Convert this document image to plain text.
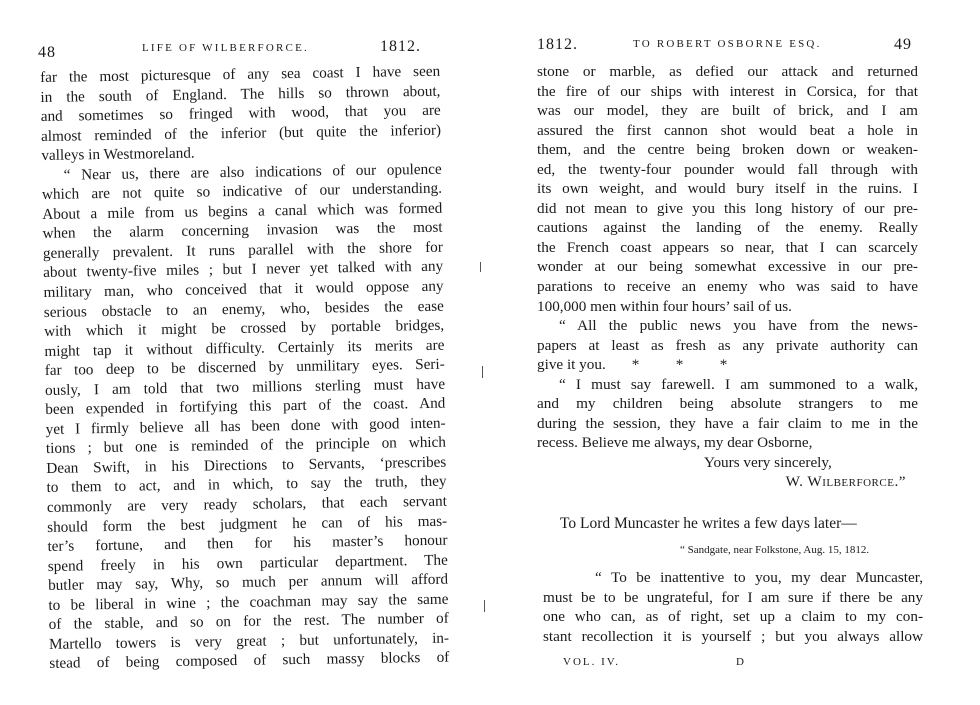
48	LIFE OF WILBERFORCE.	1812.
far the most picturesque of any sea coast I have seen
in the south of England. The hills so thrown about,
and sometimes so fringed with wood, that you are
almost reminded of the inferior (but quite the inferior)
valleys in Westmoreland.
“ Near us, there are also indications of our opulence
which are not quite so indicative of our understanding.
About a mile from us begins a canal which was formed
when the alarm concerning invasion was the most
generally prevalent. It runs parallel with the shore for
about twenty-five miles ; but I never yet talked with any
military man, who conceived that it would oppose any
serious obstacle to an enemy, who, besides the ease
with which it might be crossed by portable bridges,
might tap it without difficulty. Certainly its merits are
far too deep to be discerned by unmilitary eyes. Seri-
ously, I am told that two millions sterling must have
been expended in fortifying this part of the coast. And
yet I firmly believe all has been done with good inten-
tions ; but one is reminded of the principle on which
Dean Swift, in his Directions to Servants, ‘prescribes
to them to act, and in which, to say the truth, they
commonly are very ready scholars, that each servant
should form the best judgment he can of his mas-
ter’s fortune, and then for his master’s honour
spend freely in his own particular department. The
butler may say, Why, so much per annum will afford
to be liberal in wine ; the coachman may say the same
of the stable, and so on for the rest. The number of
Martello towers is very great ; but unfortunately, in-
stead of being composed of such massy blocks of
1812.	TO ROBERT OSBORNE ESQ.	49
stone or marble, as defied our attack and returned
the fire of our ships with interest in Corsica, for that
was our model, they are built of brick, and I am
assured the first cannon shot would beat a hole in
them, and the centre being broken down or weaken-
ed, the twenty-four pounder would fall through with
its own weight, and would bury itself in the ruins. I
did not mean to give you this long history of our pre-
cautions against the landing of the enemy. Really
the French coast appears so near, that I can scarcely
wonder at our being somewhat excessive in our pre-
parations to receive an enemy who was said to have
100,000 men within four hours’ sail of us.
“ All the public news you have from the news-
papers at least as fresh as any private authority can
give it you. * * *
“ I must say farewell. I am summoned to a walk,
and my children being absolute strangers to me
during the session, they have a fair claim to me in the
recess. Believe me always, my dear Osborne,
Yours very sincerely,
W. Wilberforce.”
To Lord Muncaster he writes a few days later—
“ Sandgate, near Folkstone, Aug. 15, 1812.
“ To be inattentive to you, my dear Muncaster,
must be to be ungrateful, for I am sure if there be any
one who can, as of right, set up a claim to my con-
stant recollection it is yourself ; but you always allow
VOL. IV.	D
